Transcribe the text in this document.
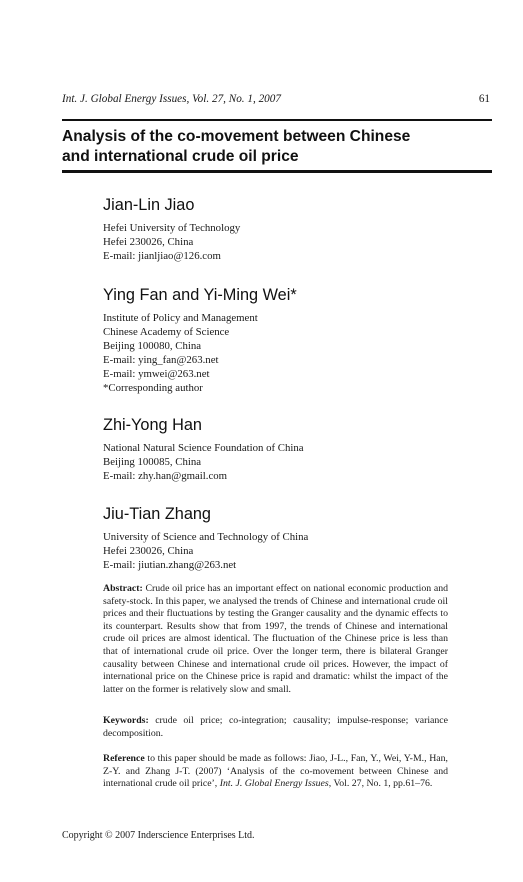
Int. J. Global Energy Issues, Vol. 27, No. 1, 2007	61
Analysis of the co-movement between Chinese
and international crude oil price
Jian-Lin Jiao
Hefei University of Technology
Hefei 230026, China
E-mail: jianljiao@126.com
Ying Fan and Yi-Ming Wei*
Institute of Policy and Management
Chinese Academy of Science
Beijing 100080, China
E-mail: ying_fan@263.net
E-mail: ymwei@263.net
*Corresponding author
Zhi-Yong Han
National Natural Science Foundation of China
Beijing 100085, China
E-mail: zhy.han@gmail.com
Jiu-Tian Zhang
University of Science and Technology of China
Hefei 230026, China
E-mail: jiutian.zhang@263.net

Abstract: Crude oil price has an important effect on national economic production and safety-stock. In this paper, we analysed the trends of Chinese and international crude oil prices and their fluctuations by testing the Granger causality and the dynamic effects to its counterpart. Results show that from 1997, the trends of Chinese and international crude oil prices are almost identical. The fluctuation of the Chinese price is less than that of international crude oil price. Over the longer term, there is bilateral Granger causality between Chinese and international crude oil prices. However, the impact of international price on the Chinese price is rapid and dramatic: whilst the impact of the latter on the former is relatively slow and small.

Keywords: crude oil price; co-integration; causality; impulse-response; variance decomposition.

Reference to this paper should be made as follows: Jiao, J-L., Fan, Y., Wei, Y-M., Han, Z-Y. and Zhang J-T. (2007) ‘Analysis of the co-movement between Chinese and international crude oil price’, Int. J. Global Energy Issues, Vol. 27, No. 1, pp.61–76.

Copyright © 2007 Inderscience Enterprises Ltd.
